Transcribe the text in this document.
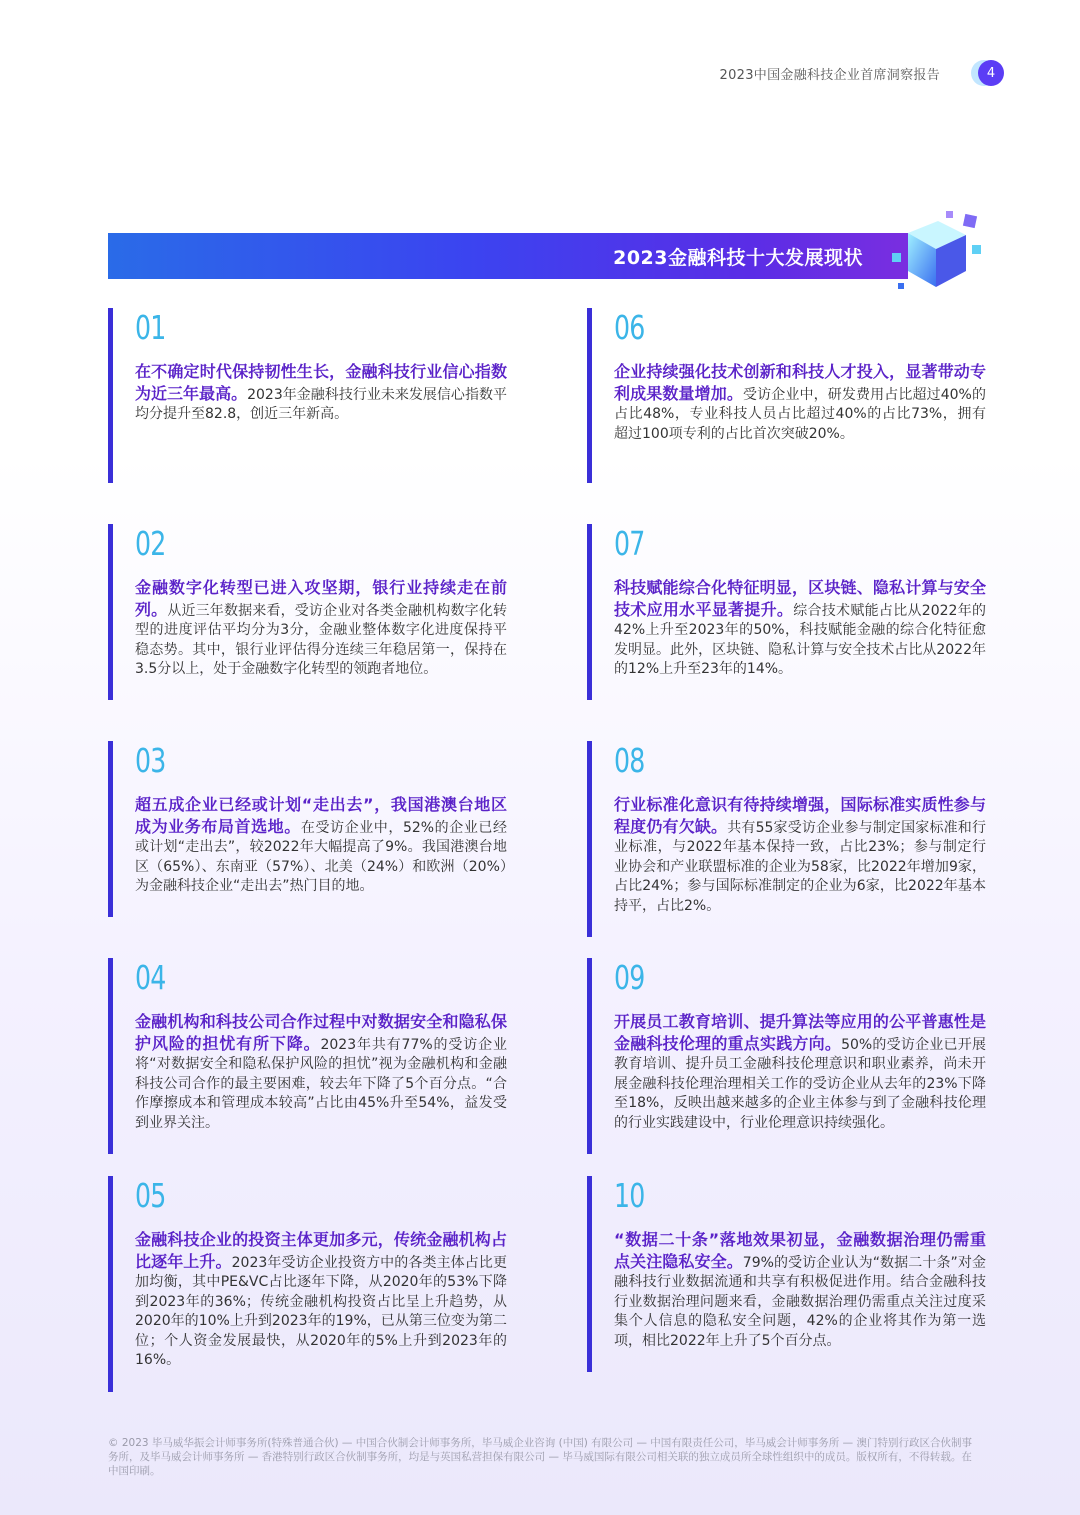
2023中国金融科技企业首席洞察报告	4
2023金融科技十大发展现状
01
在不确定时代保持韧性生长，金融科技行业信心指数为近三年最高。2023年金融科技行业未来发展信心指数平均分提升至82.8，创近三年新高。
02
金融数字化转型已进入攻坚期，银行业持续走在前列。从近三年数据来看，受访企业对各类金融机构数字化转型的进度评估平均分为3分，金融业整体数字化进度保持平稳态势。其中，银行业评估得分连续三年稳居第一，保持在3.5分以上，处于金融数字化转型的领跑者地位。
03
超五成企业已经或计划“走出去”，我国港澳台地区成为业务布局首选地。在受访企业中，52%的企业已经或计划“走出去”，较2022年大幅提高了9%。我国港澳台地区（65%）、东南亚（57%）、北美（24%）和欧洲（20%）为金融科技企业“走出去”热门目的地。
04
金融机构和科技公司合作过程中对数据安全和隐私保护风险的担忧有所下降。2023年共有77%的受访企业将“对数据安全和隐私保护风险的担忧”视为金融机构和金融科技公司合作的最主要困难，较去年下降了5个百分点。“合作摩擦成本和管理成本较高”占比由45%升至54%，益发受到业界关注。
05
金融科技企业的投资主体更加多元，传统金融机构占比逐年上升。2023年受访企业投资方中的各类主体占比更加均衡，其中PE&VC占比逐年下降，从2020年的53%下降到2023年的36%；传统金融机构投资占比呈上升趋势，从2020年的10%上升到2023年的19%，已从第三位变为第二位；个人资金发展最快，从2020年的5%上升到2023年的16%。
06
企业持续强化技术创新和科技人才投入，显著带动专利成果数量增加。受访企业中，研发费用占比超过40%的占比48%，专业科技人员占比超过40%的占比73%，拥有超过100项专利的占比首次突破20%。
07
科技赋能综合化特征明显，区块链、隐私计算与安全技术应用水平显著提升。综合技术赋能占比从2022年的42%上升至2023年的50%，科技赋能金融的综合化特征愈发明显。此外，区块链、隐私计算与安全技术占比从2022年的12%上升至23年的14%。
08
行业标准化意识有待持续增强，国际标准实质性参与程度仍有欠缺。共有55家受访企业参与制定国家标准和行业标准，与2022年基本保持一致，占比23%；参与制定行业协会和产业联盟标准的企业为58家，比2022年增加9家，占比24%；参与国际标准制定的企业为6家，比2022年基本持平，占比2%。
09
开展员工教育培训、提升算法等应用的公平普惠性是金融科技伦理的重点实践方向。50%的受访企业已开展教育培训、提升员工金融科技伦理意识和职业素养，尚未开展金融科技伦理治理相关工作的受访企业从去年的23%下降至18%，反映出越来越多的企业主体参与到了金融科技伦理的行业实践建设中，行业伦理意识持续强化。
10
“数据二十条”落地效果初显，金融数据治理仍需重点关注隐私安全。79%的受访企业认为“数据二十条”对金融科技行业数据流通和共享有积极促进作用。结合金融科技行业数据治理问题来看，金融数据治理仍需重点关注过度采集个人信息的隐私安全问题，42%的企业将其作为第一选项，相比2022年上升了5个百分点。
© 2023 毕马威华振会计师事务所(特殊普通合伙) — 中国合伙制会计师事务所，毕马威企业咨询 (中国) 有限公司 — 中国有限责任公司，毕马威会计师事务所 — 澳门特别行政区合伙制事务所，及毕马威会计师事务所 — 香港特别行政区合伙制事务所，均是与英国私营担保有限公司 — 毕马威国际有限公司相关联的独立成员所全球性组织中的成员。版权所有，不得转载。在中国印刷。
